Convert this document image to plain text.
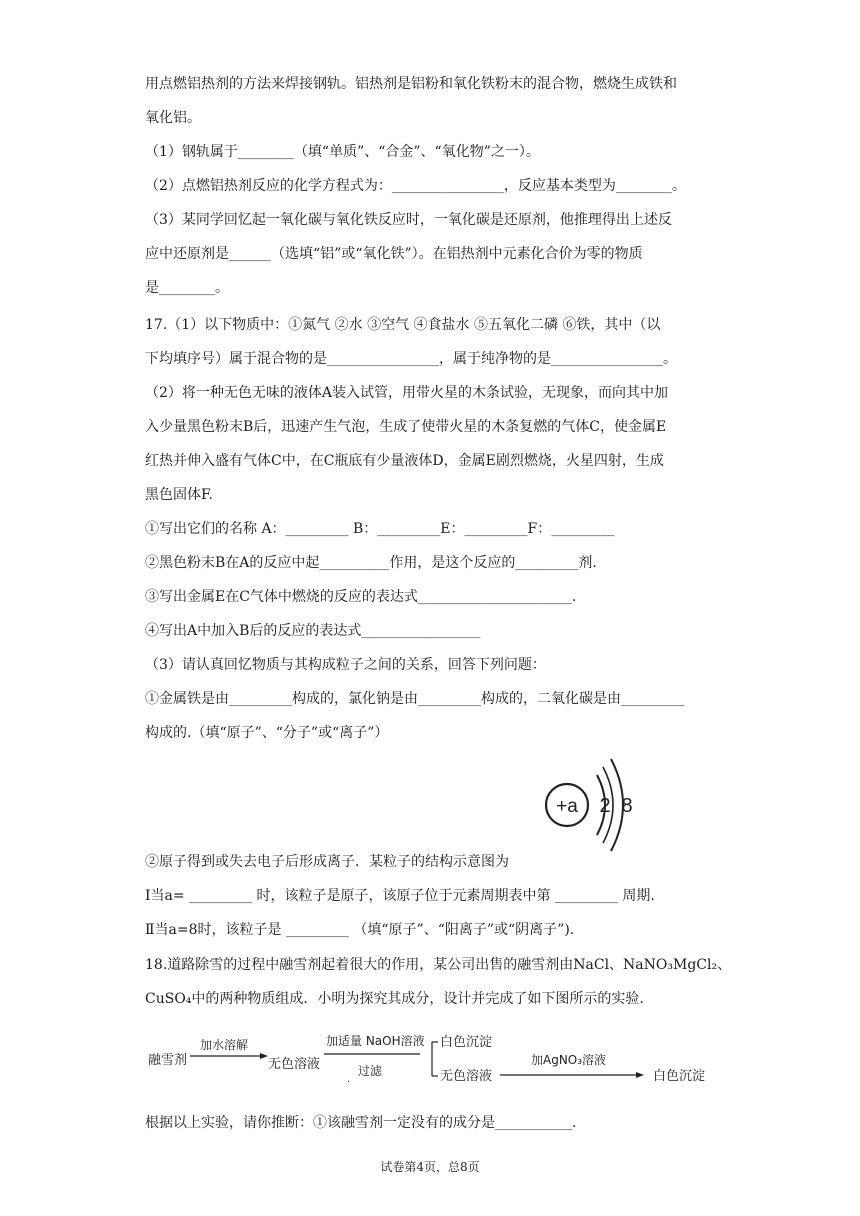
用点燃铝热剂的方法来焊接钢轨。铝热剂是铝粉和氧化铁粉末的混合物，燃烧生成铁和
氧化铝。
（1）钢轨属于________（填“单质”、“合金”、“氧化物”之一）。
（2）点燃铝热剂反应的化学方程式为：________________，反应基本类型为________。
（3）某同学回忆起一氧化碳与氧化铁反应时，一氧化碳是还原剂，他推理得出上述反
应中还原剂是______（选填“铝”或“氧化铁”）。在铝热剂中元素化合价为零的物质
是________。
17.（1）以下物质中：①氮气 ②水 ③空气 ④食盐水 ⑤五氧化二磷 ⑥铁，其中（以
下均填序号）属于混合物的是________________，属于纯净物的是________________。
（2）将一种无色无味的液体A装入试管，用带火星的木条试验，无现象，而向其中加
入少量黑色粉末B后，迅速产生气泡，生成了使带火星的木条复燃的气体C，使金属E
红热并伸入盛有气体C中，在C瓶底有少量液体D，金属E剧烈燃烧，火星四射，生成
黑色固体F.
①写出它们的名称 A：_________ B：_________E：_________F：_________
②黑色粉末B在A的反应中起__________作用，是这个反应的_________剂.
③写出金属E在C气体中燃烧的反应的表达式______________________.
④写出A中加入B后的反应的表达式_________________
（3）请认真回忆物质与其构成粒子之间的关系，回答下列问题：
①金属铁是由_________构成的，氯化钠是由_________构成的，二氧化碳是由_________
构成的.（填“原子”、“分子”或“离子”）
②原子得到或失去电子后形成离子．某粒子的结构示意图为
Ⅰ当a= _________ 时，该粒子是原子，该原子位于元素周期表中第 _________ 周期.
Ⅱ当a=8时，该粒子是 _________ （填“原子”、“阳离子”或“阴离子”).
18.道路除雪的过程中融雪剂起着很大的作用，某公司出售的融雪剂由NaCl、NaNO₃MgCl₂、
CuSO₄中的两种物质组成．小明为探究其成分，设计并完成了如下图所示的实验.
根据以上实验，请你推断：①该融雪剂一定没有的成分是___________.
+a 2 8
融雪剂
加水溶解
无色溶液
加适量 NaOH溶液
过滤
.
白色沉淀
无色溶液
加AgNO₃溶液
白色沉淀
试卷第4页，总8页
